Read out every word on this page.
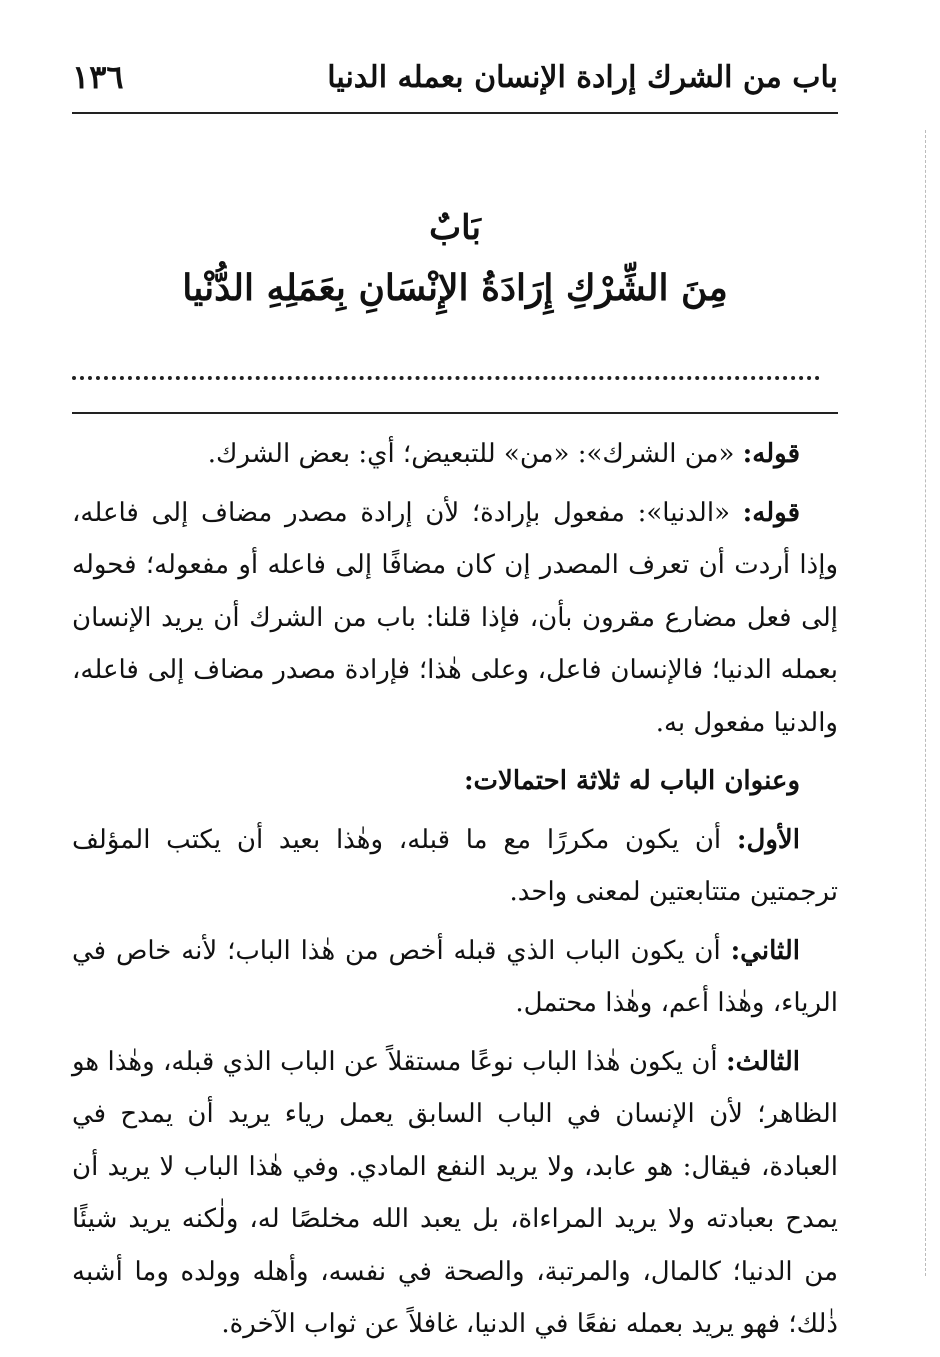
١٣٦	باب من الشرك إرادة الإنسان بعمله الدنيا
بَابٌ
مِنَ الشِّرْكِ إِرَادَةُ الإِنْسَانِ بِعَمَلِهِ الدُّنْيا

قوله: «من الشرك»: «من» للتبعيض؛ أي: بعض الشرك.

قوله: «الدنيا»: مفعول بإرادة؛ لأن إرادة مصدر مضاف إلى فاعله، وإذا أردت أن تعرف المصدر إن كان مضافًا إلى فاعله أو مفعوله؛ فحوله إلى فعل مضارع مقرون بأن، فإذا قلنا: باب من الشرك أن يريد الإنسان بعمله الدنيا؛ فالإنسان فاعل، وعلى هٰذا؛ فإرادة مصدر مضاف إلى فاعله، والدنيا مفعول به.

وعنوان الباب له ثلاثة احتمالات:

الأول: أن يكون مكررًا مع ما قبله، وهٰذا بعيد أن يكتب المؤلف ترجمتين متتابعتين لمعنى واحد.

الثاني: أن يكون الباب الذي قبله أخص من هٰذا الباب؛ لأنه خاص في الرياء، وهٰذا أعم، وهٰذا محتمل.

الثالث: أن يكون هٰذا الباب نوعًا مستقلاً عن الباب الذي قبله، وهٰذا هو الظاهر؛ لأن الإنسان في الباب السابق يعمل رياء يريد أن يمدح في العبادة، فيقال: هو عابد، ولا يريد النفع المادي. وفي هٰذا الباب لا يريد أن يمدح بعبادته ولا يريد المراءاة، بل يعبد الله مخلصًا له، ولٰكنه يريد شيئًا من الدنيا؛ كالمال، والمرتبة، والصحة في نفسه، وأهله وولده وما أشبه ذٰلك؛ فهو يريد بعمله نفعًا في الدنيا، غافلاً عن ثواب الآخرة.
